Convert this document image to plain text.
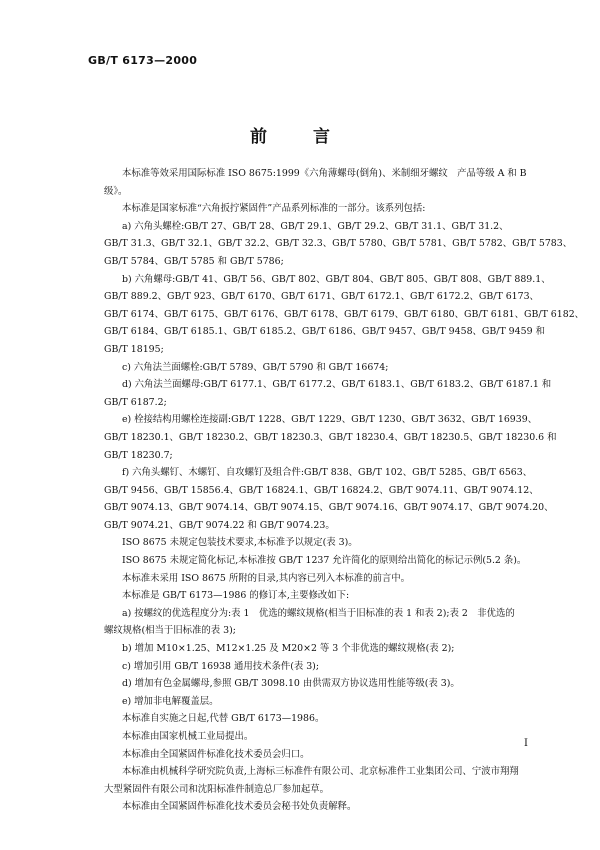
GB/T 6173—2000
前 言
本标准等效采用国际标准 ISO 8675:1999《六角薄螺母(倒角)、米制细牙螺纹　产品等级 A 和 B
级》。
本标准是国家标准“六角扳拧紧固件”产品系列标准的一部分。该系列包括:
a) 六角头螺栓:GB/T 27、GB/T 28、GB/T 29.1、GB/T 29.2、GB/T 31.1、GB/T 31.2、
GB/T 31.3、GB/T 32.1、GB/T 32.2、GB/T 32.3、GB/T 5780、GB/T 5781、GB/T 5782、GB/T 5783、
GB/T 5784、GB/T 5785 和 GB/T 5786;
b) 六角螺母:GB/T 41、GB/T 56、GB/T 802、GB/T 804、GB/T 805、GB/T 808、GB/T 889.1、
GB/T 889.2、GB/T 923、GB/T 6170、GB/T 6171、GB/T 6172.1、GB/T 6172.2、GB/T 6173、
GB/T 6174、GB/T 6175、GB/T 6176、GB/T 6178、GB/T 6179、GB/T 6180、GB/T 6181、GB/T 6182、
GB/T 6184、GB/T 6185.1、GB/T 6185.2、GB/T 6186、GB/T 9457、GB/T 9458、GB/T 9459 和
GB/T 18195;
c) 六角法兰面螺栓:GB/T 5789、GB/T 5790 和 GB/T 16674;
d) 六角法兰面螺母:GB/T 6177.1、GB/T 6177.2、GB/T 6183.1、GB/T 6183.2、GB/T 6187.1 和
GB/T 6187.2;
e) 栓接结构用螺栓连接副:GB/T 1228、GB/T 1229、GB/T 1230、GB/T 3632、GB/T 16939、
GB/T 18230.1、GB/T 18230.2、GB/T 18230.3、GB/T 18230.4、GB/T 18230.5、GB/T 18230.6 和
GB/T 18230.7;
f) 六角头螺钉、木螺钉、自攻螺钉及组合件:GB/T 838、GB/T 102、GB/T 5285、GB/T 6563、
GB/T 9456、GB/T 15856.4、GB/T 16824.1、GB/T 16824.2、GB/T 9074.11、GB/T 9074.12、
GB/T 9074.13、GB/T 9074.14、GB/T 9074.15、GB/T 9074.16、GB/T 9074.17、GB/T 9074.20、
GB/T 9074.21、GB/T 9074.22 和 GB/T 9074.23。
ISO 8675 未规定包装技术要求,本标准予以规定(表 3)。
ISO 8675 未规定简化标记,本标准按 GB/T 1237 允许简化的原则给出简化的标记示例(5.2 条)。
本标准未采用 ISO 8675 所附的目录,其内容已列入本标准的前言中。
本标准是 GB/T 6173—1986 的修订本,主要修改如下:
a) 按螺纹的优选程度分为:表 1　优选的螺纹规格(相当于旧标准的表 1 和表 2);表 2　非优选的
螺纹规格(相当于旧标准的表 3);
b) 增加 M10×1.25、M12×1.25 及 M20×2 等 3 个非优选的螺纹规格(表 2);
c) 增加引用 GB/T 16938 通用技术条件(表 3);
d) 增加有色金属螺母,参照 GB/T 3098.10 由供需双方协议选用性能等级(表 3)。
e) 增加非电解覆盖层。
本标准自实施之日起,代替 GB/T 6173—1986。
本标准由国家机械工业局提出。
本标准由全国紧固件标准化技术委员会归口。
本标准由机械科学研究院负责,上海标三标准件有限公司、北京标准件工业集团公司、宁波市翔翔
大型紧固件有限公司和沈阳标准件制造总厂参加起草。
本标准由全国紧固件标准化技术委员会秘书处负责解释。
I
